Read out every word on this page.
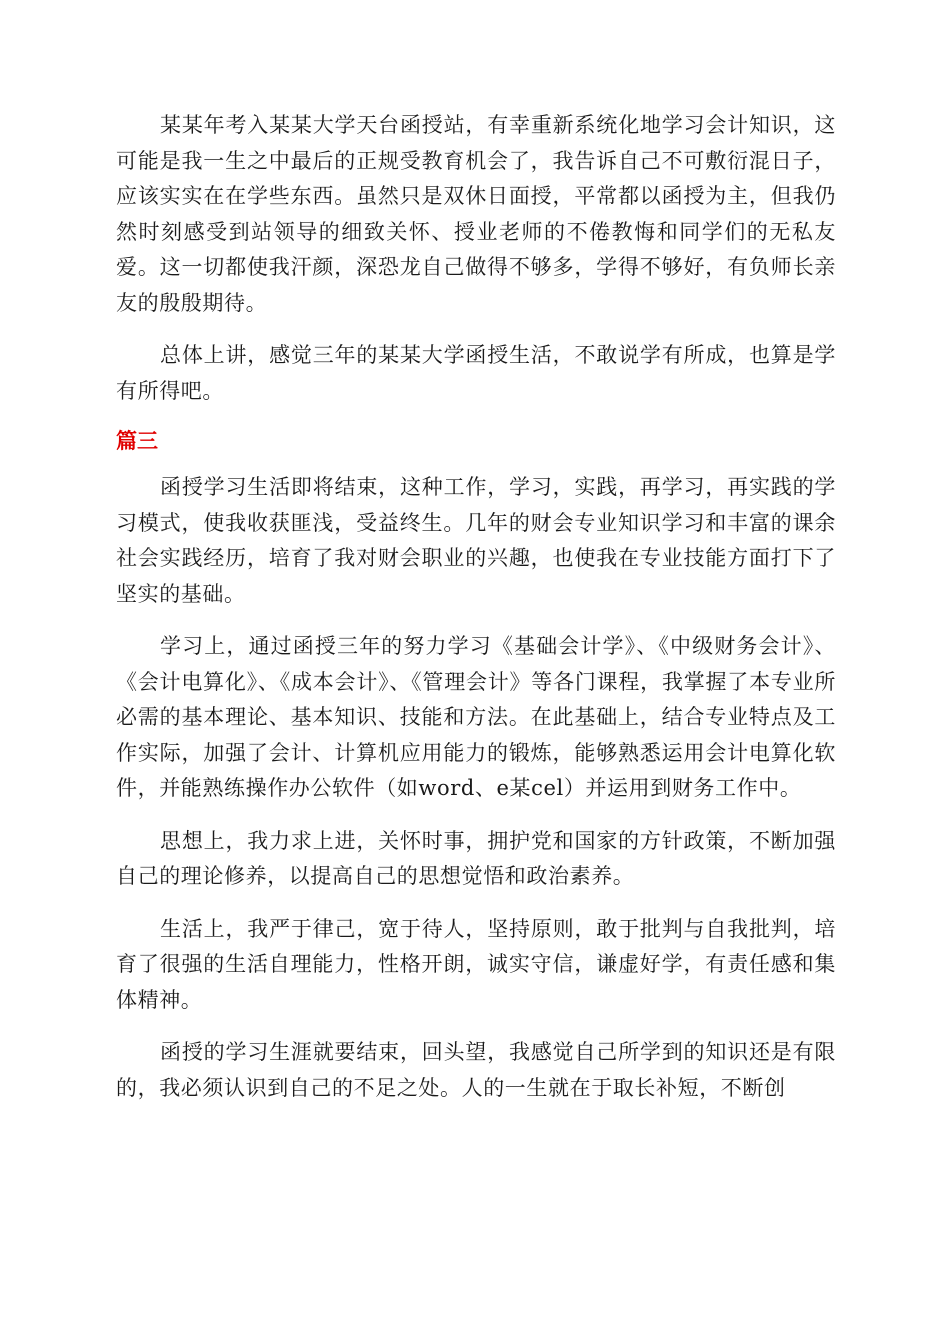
某某年考入某某大学天台函授站，有幸重新系统化地学习会计知识，这可能是我一生之中最后的正规受教育机会了，我告诉自己不可敷衍混日子，应该实实在在学些东西。虽然只是双休日面授，平常都以函授为主，但我仍然时刻感受到站领导的细致关怀、授业老师的不倦教悔和同学们的无私友爱。这一切都使我汗颜，深恐龙自己做得不够多，学得不够好，有负师长亲友的殷殷期待。

总体上讲，感觉三年的某某大学函授生活，不敢说学有所成，也算是学有所得吧。

篇三

函授学习生活即将结束，这种工作，学习，实践，再学习，再实践的学习模式，使我收获匪浅，受益终生。几年的财会专业知识学习和丰富的课余社会实践经历，培育了我对财会职业的兴趣，也使我在专业技能方面打下了坚实的基础。

学习上，通过函授三年的努力学习《基础会计学》、《中级财务会计》、《会计电算化》、《成本会计》、《管理会计》等各门课程，我掌握了本专业所必需的基本理论、基本知识、技能和方法。在此基础上，结合专业特点及工作实际，加强了会计、计算机应用能力的锻炼，能够熟悉运用会计电算化软件，并能熟练操作办公软件（如word、e某cel）并运用到财务工作中。

思想上，我力求上进，关怀时事，拥护党和国家的方针政策，不断加强自己的理论修养，以提高自己的思想觉悟和政治素养。

生活上，我严于律己，宽于待人，坚持原则，敢于批判与自我批判，培育了很强的生活自理能力，性格开朗，诚实守信，谦虚好学，有责任感和集体精神。

函授的学习生涯就要结束，回头望，我感觉自己所学到的知识还是有限的，我必须认识到自己的不足之处。人的一生就在于取长补短，不断创
